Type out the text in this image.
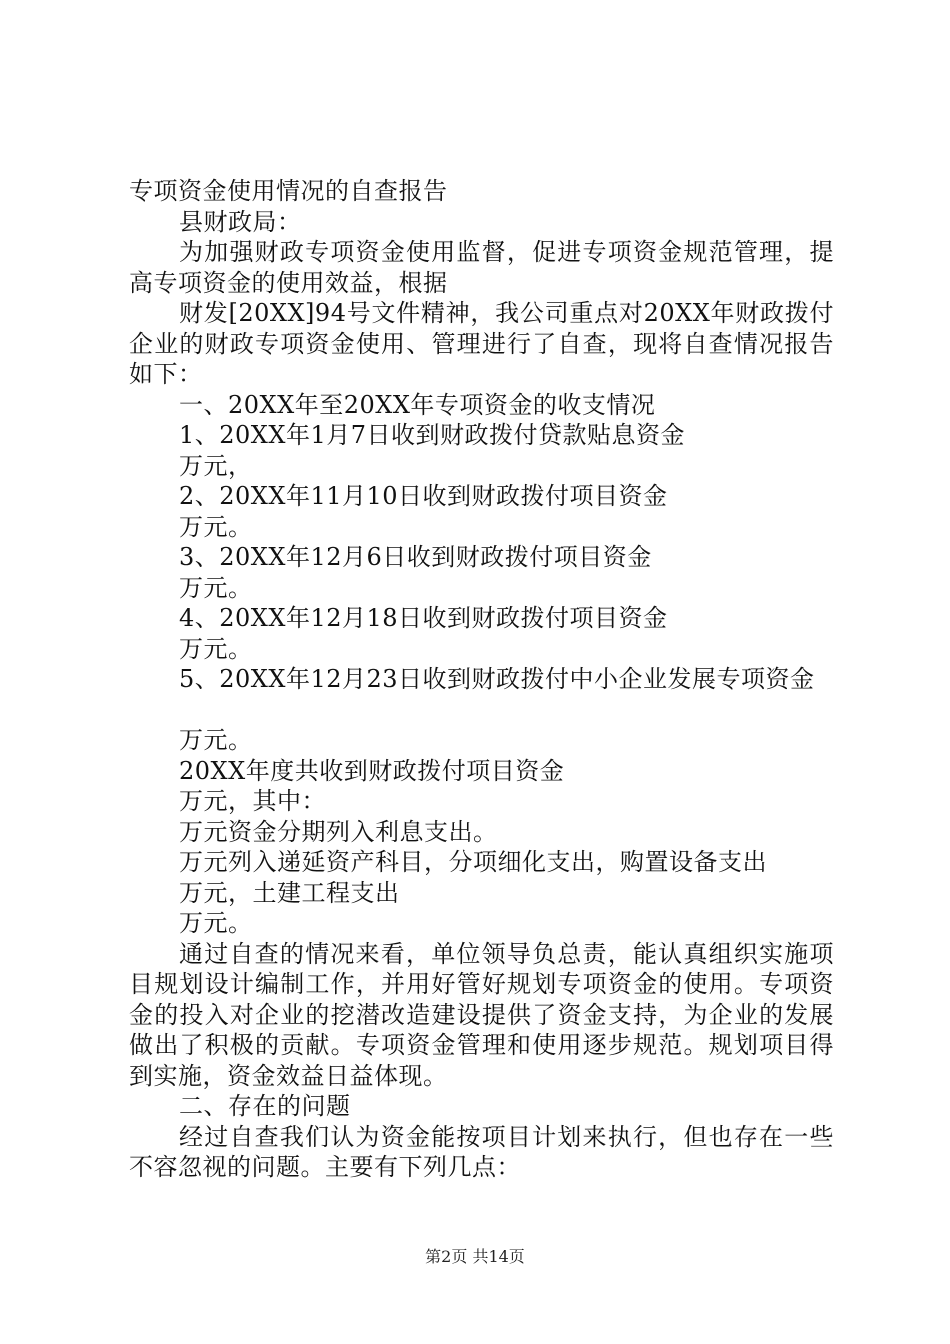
专项资金使用情况的自查报告
县财政局：
为加强财政专项资金使用监督，促进专项资金规范管理，提高专项资金的使用效益，根据
财发[20XX]94号文件精神，我公司重点对20XX年财政拨付企业的财政专项资金使用、管理进行了自查，现将自查情况报告如下：
一、20XX年至20XX年专项资金的收支情况
1、20XX年1月7日收到财政拨付贷款贴息资金
万元，
2、20XX年11月10日收到财政拨付项目资金
万元。
3、20XX年12月6日收到财政拨付项目资金
万元。
4、20XX年12月18日收到财政拨付项目资金
万元。
5、20XX年12月23日收到财政拨付中小企业发展专项资金
万元。
20XX年度共收到财政拨付项目资金
万元，其中：
万元资金分期列入利息支出。
万元列入递延资产科目，分项细化支出，购置设备支出
万元，土建工程支出
万元。
通过自查的情况来看，单位领导负总责，能认真组织实施项目规划设计编制工作，并用好管好规划专项资金的使用。专项资金的投入对企业的挖潜改造建设提供了资金支持，为企业的发展做出了积极的贡献。专项资金管理和使用逐步规范。规划项目得到实施，资金效益日益体现。
二、存在的问题
经过自查我们认为资金能按项目计划来执行，但也存在一些不容忽视的问题。主要有下列几点：
第2页 共14页
